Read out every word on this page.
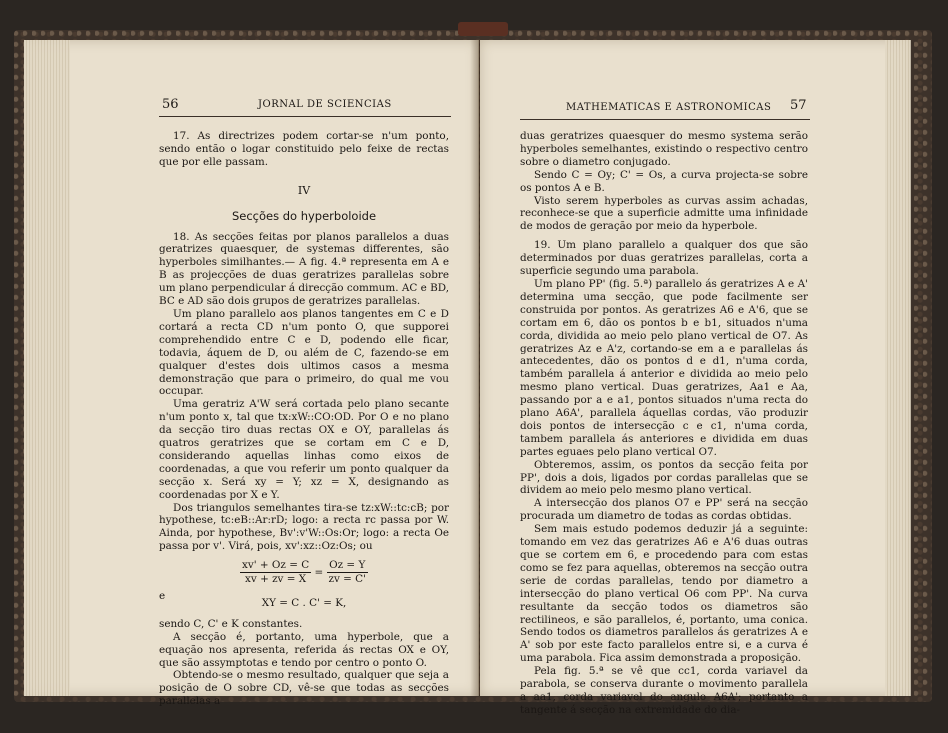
56	JORNAL DE SCIENCIAS

17. As directrizes podem cortar-se n'um ponto, sendo então o logar constituido pelo feixe de rectas que por elle passam.

IV

Secções do hyperboloide

18. As secções feitas por planos parallelos a duas geratrizes quaesquer, de systemas differentes, são hyperboles similhantes.— A fig. 4.ª representa em A e B as projecções de duas geratrizes parallelas sobre um plano perpendicular á direcção commum. AC e BD, BC e AD são dois grupos de geratrizes parallelas.

Um plano parallelo aos planos tangentes em C e D cortará a recta CD n'um ponto O, que supporei comprehendido entre C e D, podendo elle ficar, todavia, áquem de D, ou além de C, fazendo-se em qualquer d'estes dois ultimos casos a mesma demonstração que para o primeiro, do qual me vou occupar.

Uma geratriz A'W será cortada pelo plano secante n'um ponto x, tal que tx:xW::CO:OD. Por O e no plano da secção tiro duas rectas OX e OY, parallelas ás quatros geratrizes que se cortam em C e D, considerando aquellas linhas como eixos de coordenadas, a que vou referir um ponto qualquer da secção x. Será xy = Y; xz = X, designando as coordenadas por X e Y.

Dos triangulos semelhantes tira-se tz:xW::tc:cB; por hypothese, tc:eB::Ar:rD; logo: a recta rc passa por W. Ainda, por hypothese, Bv':v'W::Os:Or; logo: a recta Oe passa por v'. Virá, pois, xv':xz::Oz:Os; ou

$\frac{xv' + Oz = C}{xv + zv = X} = \frac{Oz = Y}{zv = C'}$

e

XY = C . C' = K,

sendo C, C' e K constantes.

A secção é, portanto, uma hyperbole, que a equação nos apresenta, referida ás rectas OX e OY, que são assymptotas e tendo por centro o ponto O.

Obtendo-se o mesmo resultado, qualquer que seja a posição de O sobre CD, vê-se que todas as secções parallelas a

MATHEMATICAS E ASTRONOMICAS 57

duas geratrizes quaesquer do mesmo systema serão hyperboles semelhantes, existindo o respectivo centro sobre o diametro conjugado.

Sendo C = Oy; C' = Os, a curva projecta-se sobre os pontos A e B.

Visto serem hyperboles as curvas assim achadas, reconhece-se que a superficie admitte uma infinidade de modos de geração por meio da hyperbole.

19. Um plano parallelo a qualquer dos que são determinados por duas geratrizes parallelas, corta a superficie segundo uma parabola.

Um plano PP' (fig. 5.ª) parallelo ás geratrizes A e A' determina uma secção, que pode facilmente ser construida por pontos. As geratrizes A6 e A'6, que se cortam em 6, dão os pontos b e b1, situados n'uma corda, dividida ao meio pelo plano vertical de O7. As geratrizes Az e A'z, cortando-se em a e parallelas ás antecedentes, dão os pontos d e d1, n'uma corda, também parallela á anterior e dividida ao meio pelo mesmo plano vertical. Duas geratrizes, Aa1 e Aa, passando por a e a1, pontos situados n'uma recta do plano A6A', parallela áquellas cordas, vão produzir dois pontos de intersecção c e c1, n'uma corda, tambem parallela ás anteriores e dividida em duas partes eguaes pelo plano vertical O7.

Obteremos, assim, os pontos da secção feita por PP', dois a dois, ligados por cordas parallelas que se dividem ao meio pelo mesmo plano vertical.

A intersecção dos planos O7 e PP' será na secção procurada um diametro de todas as cordas obtidas.

Sem mais estudo podemos deduzir já a seguinte: tomando em vez das geratrizes A6 e A'6 duas outras que se cortem em 6, e procedendo para com estas como se fez para aquellas, obteremos na secção outra serie de cordas parallelas, tendo por diametro a intersecção do plano vertical O6 com PP'. Na curva resultante da secção todos os diametros são rectilineos, e são parallelos, é, portanto, uma conica. Sendo todos os diametros parallelos ás geratrizes A e A' sob por este facto parallelos entre si, e a curva é uma parabola. Fica assim demonstrada a proposição.

Pela fig. 5.ª se vê que cc1, corda variavel da parabola, se conserva durante o movimento parallela a aa1, corda variavel do angulo A6A'; portanto a tangente á secção na extremidade do dia-
